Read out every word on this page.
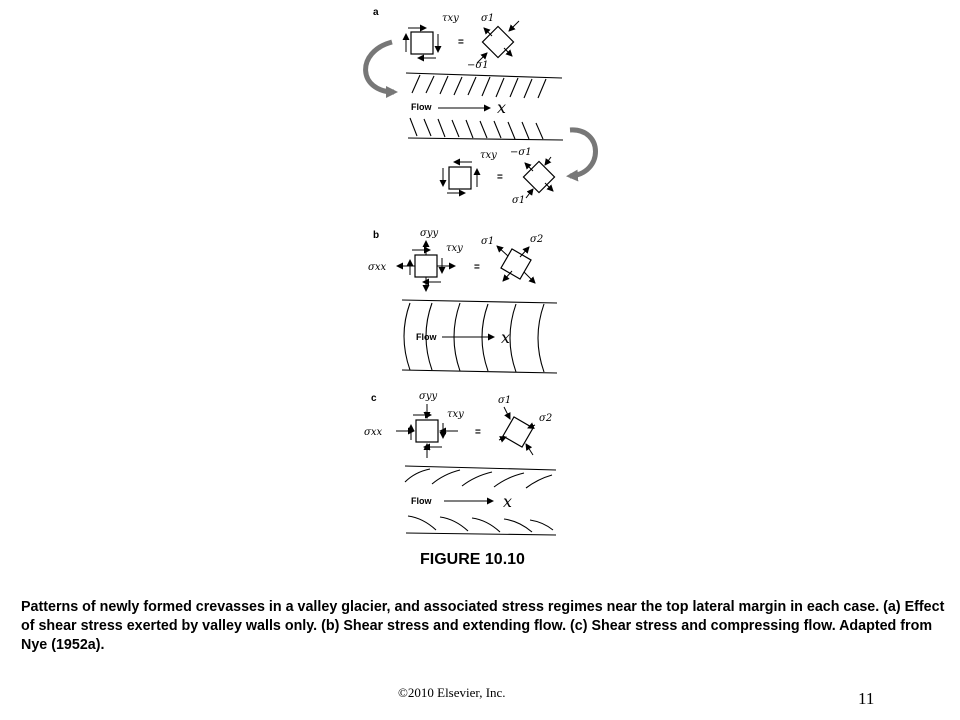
a
τxy
=
σ1
−σ1
Flow	x
τxy
=
−σ1
σ1
b	σyy
σxx
τxy
=
σ1	σ2
Flow	x
c	σyy
σxx
τxy
=
σ1
σ2
Flow	x
FIGURE 10.10
Patterns of newly formed crevasses in a valley glacier, and associated stress regimes near the top lateral margin in each case. (a) Effect of shear stress exerted by valley walls only. (b) Shear stress and extending flow. (c) Shear stress and compressing flow. Adapted from Nye (1952a).
©2010 Elsevier, Inc.	11
